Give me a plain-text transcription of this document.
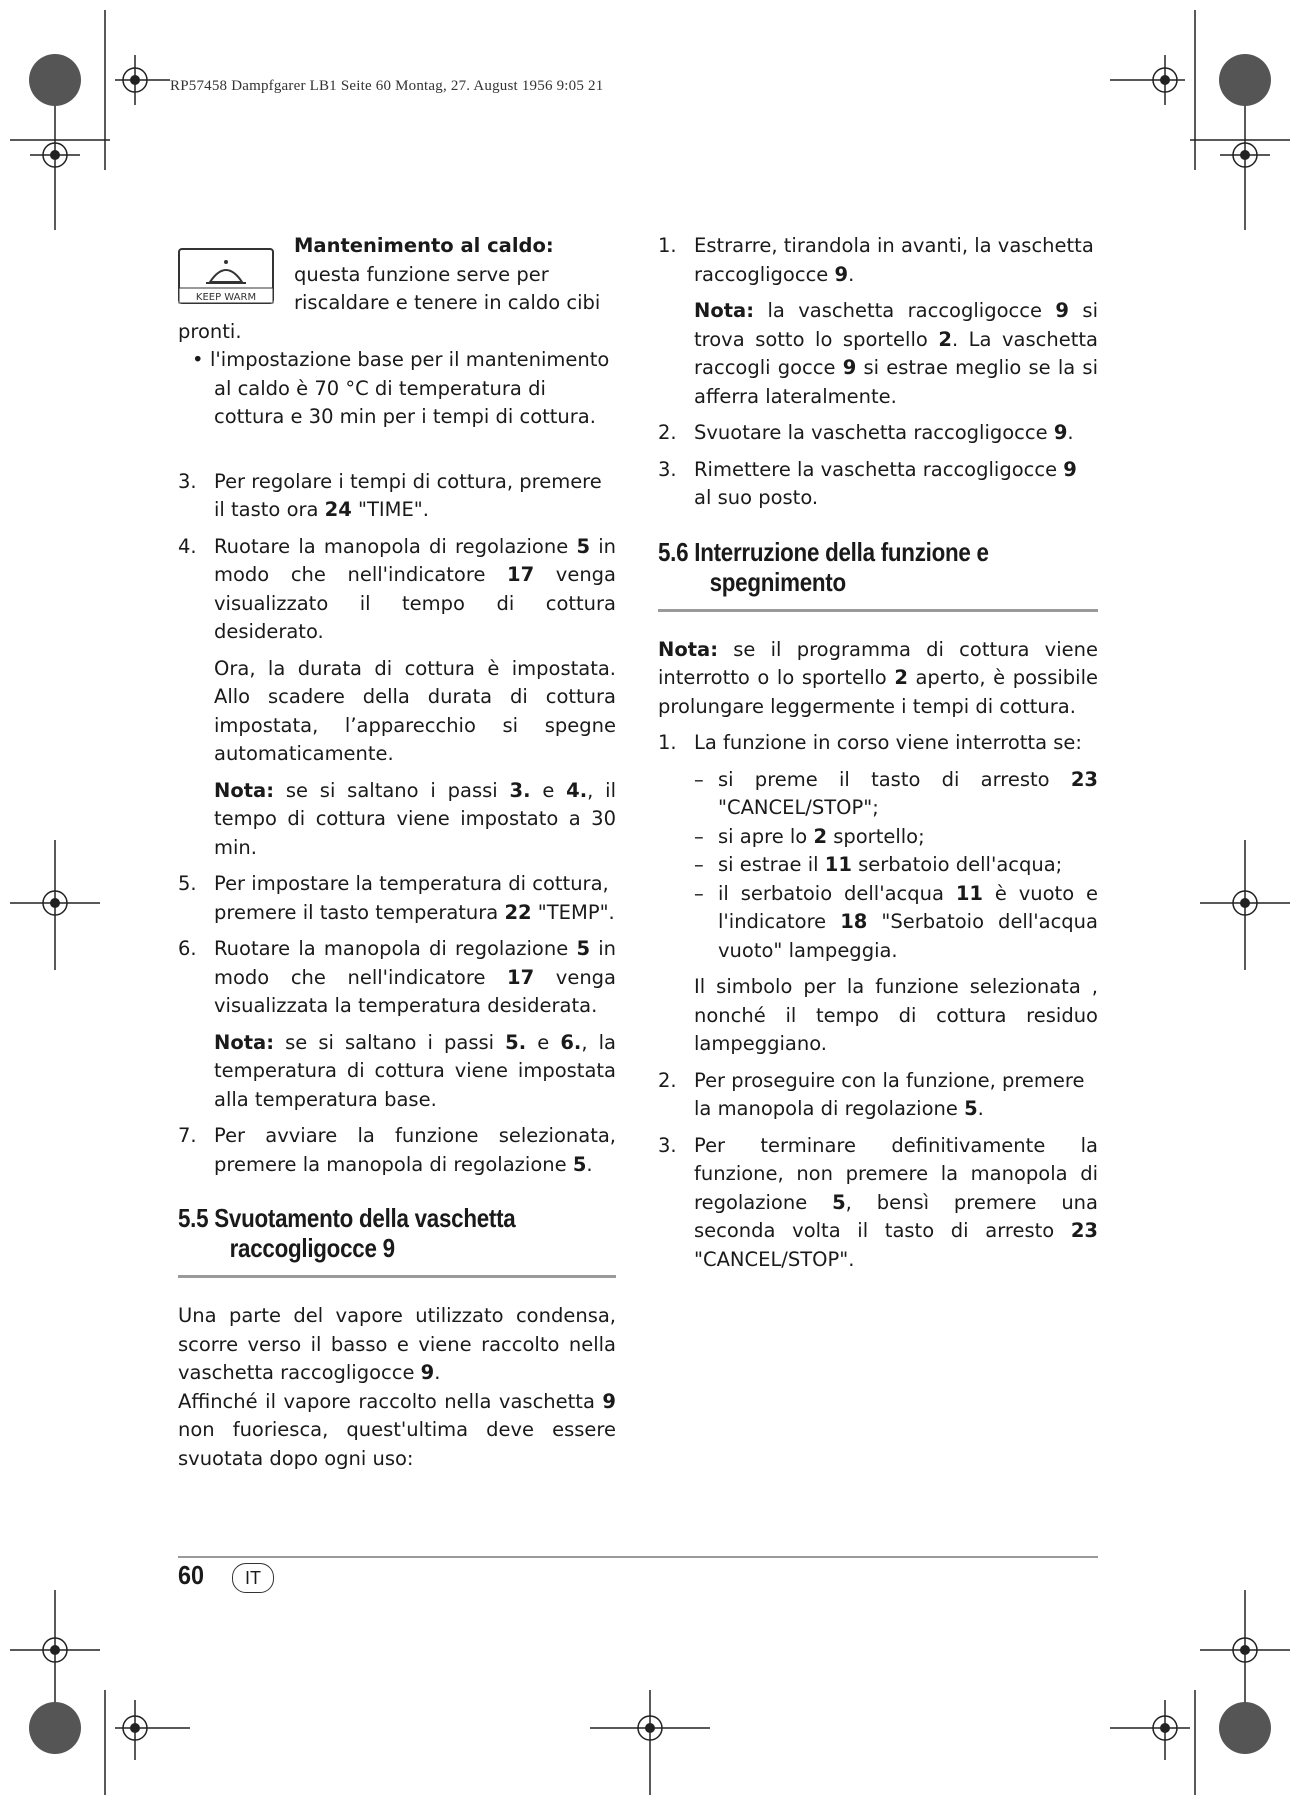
RP57458 Dampfgarer LB1 Seite 60 Montag, 27. August 1956 9:05 21
KEEP WARM

Mantenimento al caldo: questa funzione serve per riscaldare e tenere in caldo cibi pronti.

• l'impostazione base per il mantenimento al caldo è 70 °C di temperatura di cottura e 30 min per i tempi di cottura.

3. Per regolare i tempi di cottura, premere il tasto ora 24 "TIME".

4. Ruotare la manopola di regolazione 5 in modo che nell'indicatore 17 venga visualizzato il tempo di cottura desiderato.

Ora, la durata di cottura è impostata. Allo scadere della durata di cottura impostata, l’apparecchio si spegne automaticamente.

Nota: se si saltano i passi 3. e 4., il tempo di cottura viene impostato a 30 min.

5. Per impostare la temperatura di cottura, premere il tasto temperatura 22 "TEMP".

6. Ruotare la manopola di regolazione 5 in modo che nell'indicatore 17 venga visualizzata la temperatura desiderata.

Nota: se si saltano i passi 5. e 6., la temperatura di cottura viene impostata alla temperatura base.

7. Per avviare la funzione selezionata, premere la manopola di regolazione 5.

5.5 Svuotamento della vaschetta
raccogligocce 9

Una parte del vapore utilizzato condensa, scorre verso il basso e viene raccolto nella vaschetta raccogligocce 9.

Affinché il vapore raccolto nella vaschetta 9 non fuoriesca, quest'ultima deve essere svuotata dopo ogni uso:

1. Estrarre, tirandola in avanti, la vaschetta raccogligocce 9.

Nota: la vaschetta raccogligocce 9 si trova sotto lo sportello 2. La vaschetta raccogli gocce 9 si estrae meglio se la si afferra lateralmente.

2. Svuotare la vaschetta raccogligocce 9.

3. Rimettere la vaschetta raccogligocce 9 al suo posto.

5.6 Interruzione della funzione e
spegnimento

Nota: se il programma di cottura viene interrotto o lo sportello 2 aperto, è possibile prolungare leggermente i tempi di cottura.

1. La funzione in corso viene interrotta se:

– si preme il tasto di arresto 23 "CANCEL/STOP";

– si apre lo 2 sportello;

– si estrae il 11 serbatoio dell'acqua;

– il serbatoio dell'acqua 11 è vuoto e l'indicatore 18 "Serbatoio dell'acqua vuoto" lampeggia.

Il simbolo per la funzione selezionata , nonché il tempo di cottura residuo lampeggiano.

2. Per proseguire con la funzione, premere la manopola di regolazione 5.

3. Per terminare definitivamente la funzione, non premere la manopola di regolazione 5, bensì premere una seconda volta il tasto di arresto 23 "CANCEL/STOP".

60	IT
